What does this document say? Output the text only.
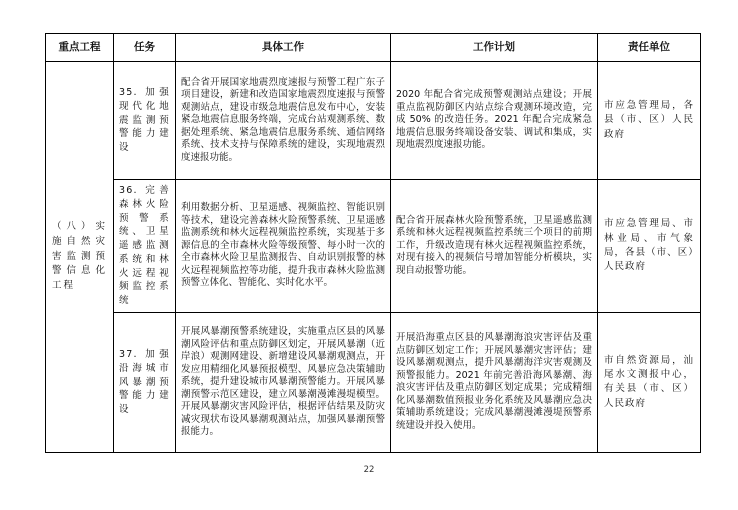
重点工程	任务	具体工作	工作计划	责任单位
（八）实施自然灾害监测预警信息化工程	35. 加强现代化地震监测预警能力建设	配合省开展国家地震烈度速报与预警工程广东子项目建设，新建和改造国家地震烈度速报与预警观测站点，建设市级急地震信息发布中心，安装紧急地震信息服务终端，完成台站观测系统、数据处理系统、紧急地震信息服务系统、通信网络系统、技术支持与保障系统的建设，实现地震烈度速报功能。	2020 年配合省完成预警观测站点建设；开展重点监视防御区内站点综合观测环境改造，完成 50% 的改造任务。2021 年配合完成紧急地震信息服务终端设备安装、调试和集成，实现地震烈度速报功能。	市应急管理局，各县（市、区）人民政府
	36. 完善森林火险预警系统、卫星遥感监测系统和林火远程视频监控系统	利用数据分析、卫星遥感、视频监控、智能识别等技术，建设完善森林火险预警系统、卫星遥感监测系统和林火远程视频监控系统，实现基于多源信息的全市森林火险等级预警、每小时一次的全市森林火险卫星监测报告、自动识别报警的林火远程视频监控等功能，提升我市森林火险监测预警立体化、智能化、实时化水平。	配合省开展森林火险预警系统，卫星遥感监测系统和林火远程视频监控系统三个项目的前期工作，升级改造现有林火远程视频监控系统，对现有接入的视频信号增加智能分析模块，实现自动报警功能。	市应急管理局、市林业局、市气象局，各县（市、区）人民政府
	37. 加强沿海城市风暴潮预警能力建设	开展风暴潮预警系统建设，实施重点区县的风暴潮风险评估和重点防御区划定，开展风暴潮（近岸浪）观测网建设、新增建设风暴潮观测点，开发应用精细化风暴预报模型、风暴应急决策辅助系统，提升建设城市风暴潮预警能力。开展风暴潮预警示范区建设，建立风暴潮漫滩漫堤模型。开展风暴潮灾害风险评估，根据评估结果及防灾减灾现状布设风暴潮观测站点，加强风暴潮预警报能力。	开展沿海重点区县的风暴潮海浪灾害评估及重点防御区划定工作；开展风暴潮灾害评估；建设风暴潮观测点，提升风暴潮海洋灾害观测及预警报能力。2021 年前完善沿海风暴潮、海浪灾害评估及重点防御区划定成果；完成精细化风暴潮数值预报业务化系统及风暴潮应急决策辅助系统建设；完成风暴潮漫滩漫堤预警系统建设并投入使用。	市自然资源局，汕尾水文测报中心，有关县（市、区）人民政府
22
